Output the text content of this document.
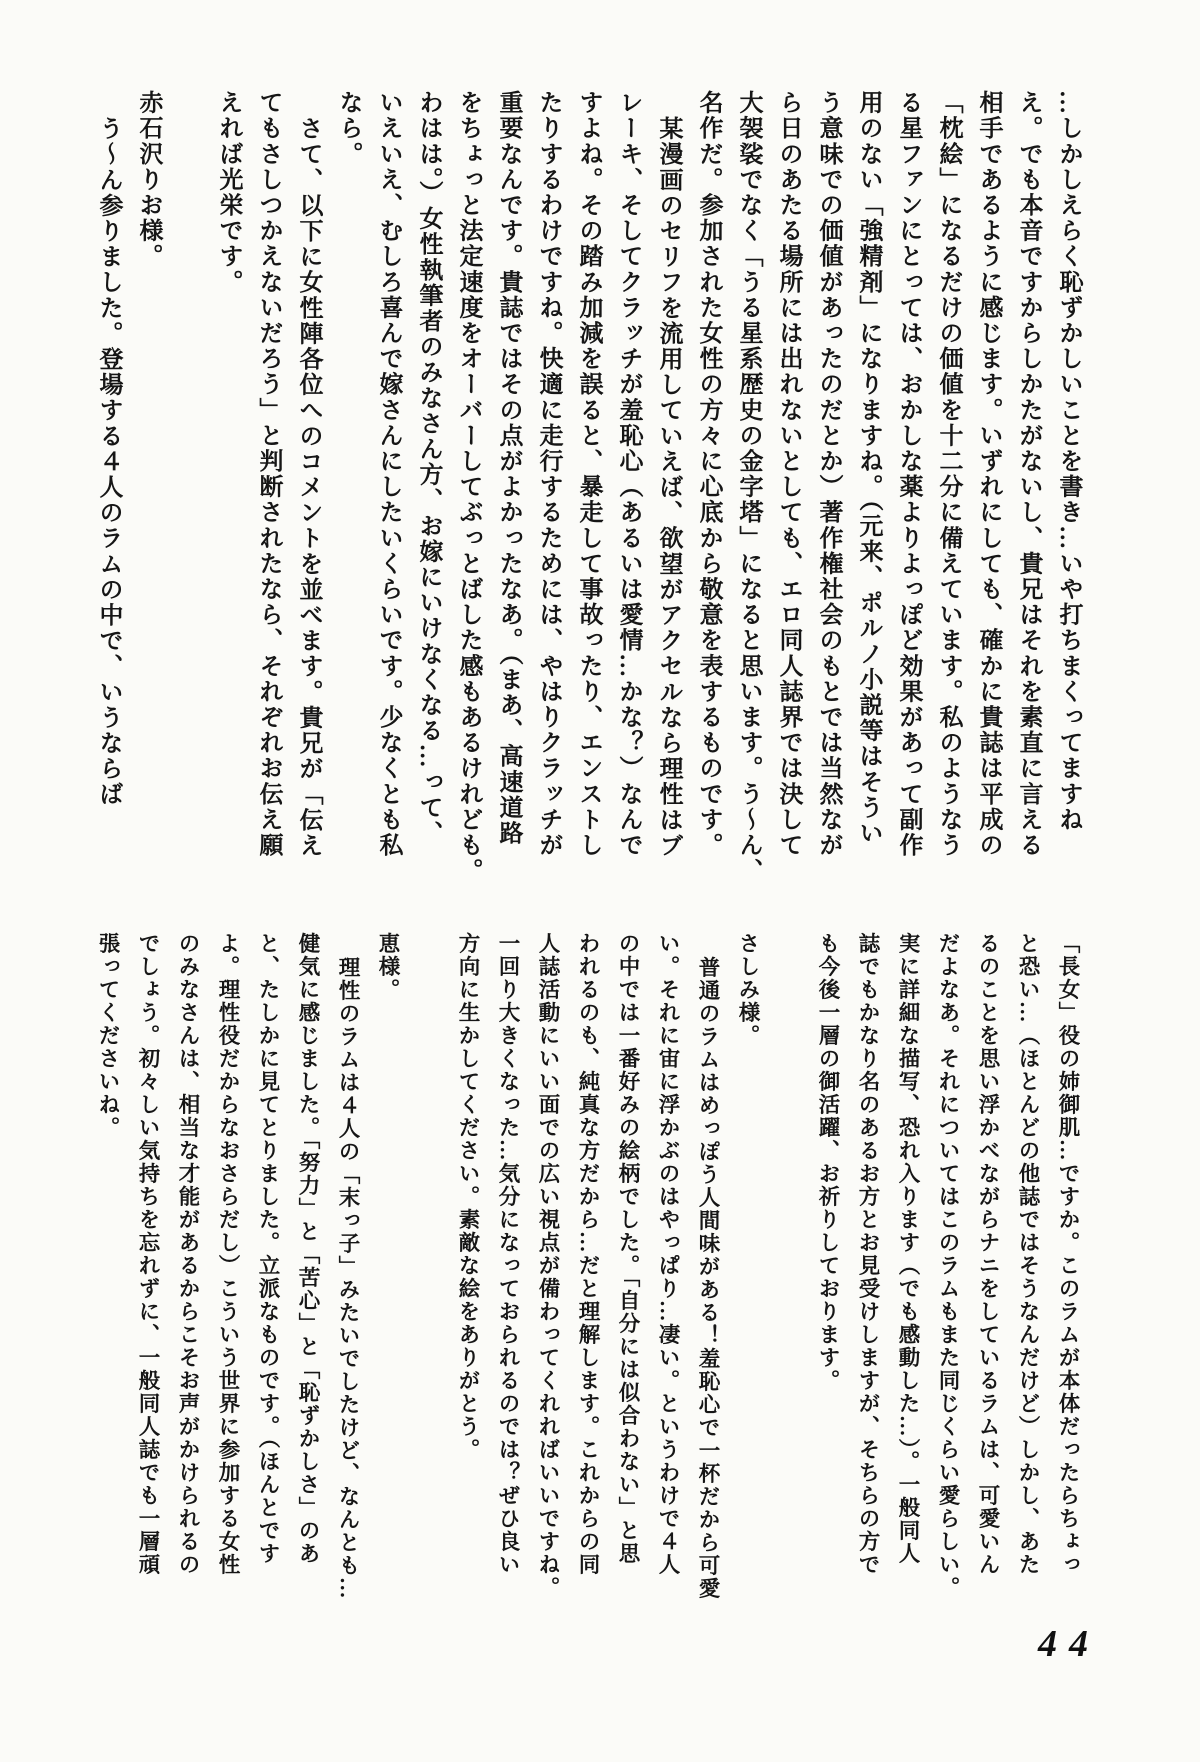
…しかしえらく恥ずかしいことを書き…いや打ちまくってますね

え。でも本音ですからしかたがないし、貴兄はそれを素直に言える

相手であるように感じます。いずれにしても、確かに貴誌は平成の

「枕絵」になるだけの価値を十二分に備えています。私のようなう

る星ファンにとっては、おかしな薬よりよっぽど効果があって副作

用のない「強精剤」になりますね。（元来、ポルノ小説等はそうい

う意味での価値があったのだとか）著作権社会のもとでは当然なが

ら日のあたる場所には出れないとしても、エロ同人誌界では決して

大袈裟でなく「うる星系歴史の金字塔」になると思います。う〜ん、

名作だ。参加された女性の方々に心底から敬意を表するものです。

某漫画のセリフを流用していえば、欲望がアクセルなら理性はブ

レーキ、そしてクラッチが羞恥心（あるいは愛情…かな？）なんで

すよね。その踏み加減を誤ると、暴走して事故ったり、エンストし

たりするわけですね。快適に走行するためには、やはりクラッチが

重要なんです。貴誌ではその点がよかったなあ。（まあ、高速道路

をちょっと法定速度をオーバーしてぶっとばした感もあるけれども。

わはは。）女性執筆者のみなさん方、お嫁にいけなくなる…って、

いえいえ、むしろ喜んで嫁さんにしたいくらいです。少なくとも私

なら。

さて、以下に女性陣各位へのコメントを並べます。貴兄が「伝え

てもさしつかえないだろう」と判断されたなら、それぞれお伝え願

えれば光栄です。

赤石沢りお様。

う〜ん参りました。登場する４人のラムの中で、いうならば

「長女」役の姉御肌…ですか。このラムが本体だったらちょっ

と恐い…（ほとんどの他誌ではそうなんだけど）しかし、あた

るのことを思い浮かべながらナニをしているラムは、可愛いん

だよなあ。それについてはこのラムもまた同じくらい愛らしい。

実に詳細な描写、恐れ入ります（でも感動した…）。一般同人

誌でもかなり名のあるお方とお見受けしますが、そちらの方で

も今後一層の御活躍、お祈りしております。

さしみ様。

普通のラムはめっぽう人間味がある！羞恥心で一杯だから可愛

い。それに宙に浮かぶのはやっぱり…凄い。というわけで４人

の中では一番好みの絵柄でした。「自分には似合わない」と思

われるのも、純真な方だから…だと理解します。これからの同

人誌活動にいい面での広い視点が備わってくれればいいですね。

一回り大きくなった…気分になっておられるのでは？ぜひ良い

方向に生かしてください。素敵な絵をありがとう。

恵様。

理性のラムは４人の「末っ子」みたいでしたけど、なんとも…

健気に感じました。「努力」と「苦心」と「恥ずかしさ」のあ

と、たしかに見てとりました。立派なものです。（ほんとです

よ。理性役だからなおさらだし）こういう世界に参加する女性

のみなさんは、相当な才能があるからこそお声がかけられるの

でしょう。初々しい気持ちを忘れずに、一般同人誌でも一層頑

張ってくださいね。

44
